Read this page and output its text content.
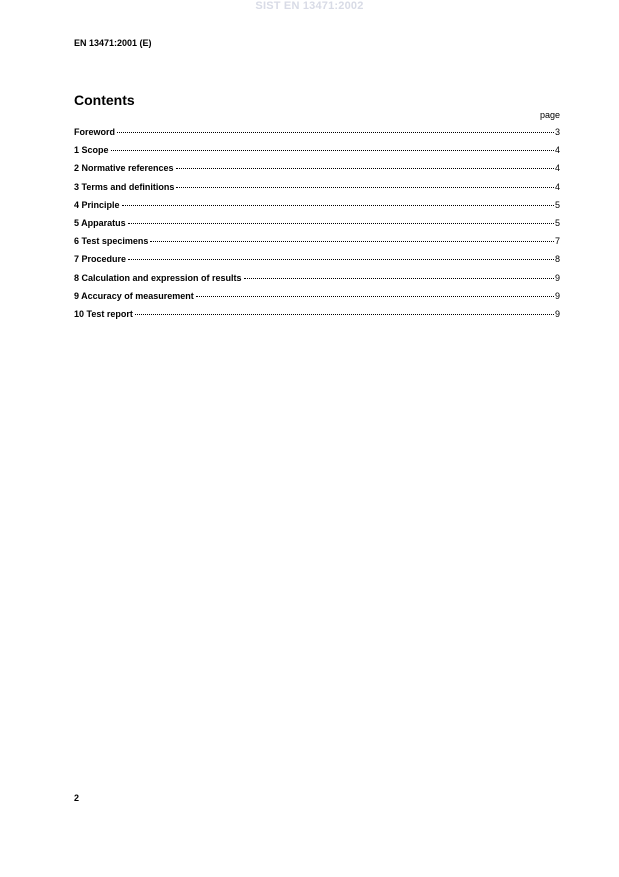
SIST EN 13471:2002
EN 13471:2001 (E)
Contents
page
Foreword	3
1 Scope	4
2 Normative references	4
3 Terms and definitions	4
4 Principle	5
5 Apparatus	5
6 Test specimens	7
7 Procedure	8
8 Calculation and expression of results	9
9 Accuracy of measurement	9
10 Test report	9
2
